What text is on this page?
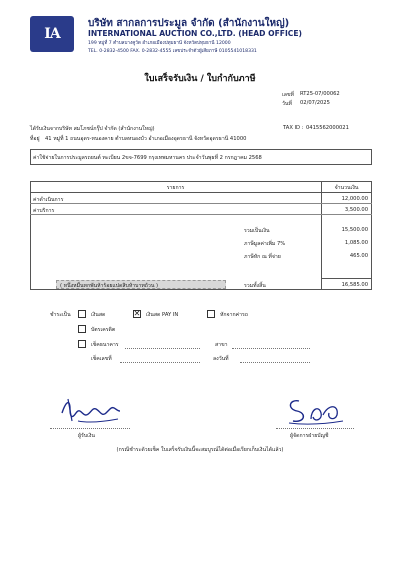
IA
บริษัท สากลการประมูล จำกัด (สำนักงานใหญ่)
INTERNATIONAL AUCTION CO.,LTD. (HEAD OFFICE)
199 หมู่ที่ 7 ตำบลบางคูวัด อำเภอเมืองปทุมธานี จังหวัดปทุมธานี 12000
TEL. 0-2832-4500 FAX. 0-2832-4555 เลขประจำตัวผู้เสียภาษี 0105541018331
ใบเสร็จรับเงิน / ใบกำกับภาษี
เลขที่ RT25-07/00062
วันที่ 02/07/2025
ได้รับเงินจาก บริษัท สมโภชน์กรุ๊ป จำกัด (สำนักงานใหญ่)	TAX ID : 0415562000021
ที่อยู่ 41 หมู่ที่ 1 ถนนอุดร-หนองคาย ตำบลหนองบัว อำเภอเมืองอุดรธานี จังหวัดอุดรธานี 41000
ค่าใช้จ่ายในการประมูลรถยนต์ ทะเบียน 2ขจ-7699 กรุงเทพมหานคร ประจำวันพุธที่ 2 กรกฎาคม 2568
รายการ	จำนวนเงิน
ค่าดำเนินการ	12,000.00
ค่าบริการ	3,500.00
รวมเป็นเงิน	15,500.00
ภาษีมูลค่าเพิ่ม 7%	1,085.00
ภาษีหัก ณ ที่จ่าย	465.00
( หนึ่งหมื่นหกพันห้าร้อยแปดสิบห้าบาทถ้วน )	รวมทั้งสิ้น	16,585.00
ชำระเป็น	เงินสด	✕ เงินสด PAY IN	หักจากค่ารถ
บัตรเครดิต
เช็คธนาคาร	สาขา
เช็คเลขที่	ลงวันที่
ผู้รับเงิน	ผู้จัดการฝ่ายบัญชี
(กรณีชำระด้วยเช็ค ใบเสร็จรับเงินนี้จะสมบูรณ์ได้ต่อเมื่อเรียกเก็บเงินได้แล้ว)
